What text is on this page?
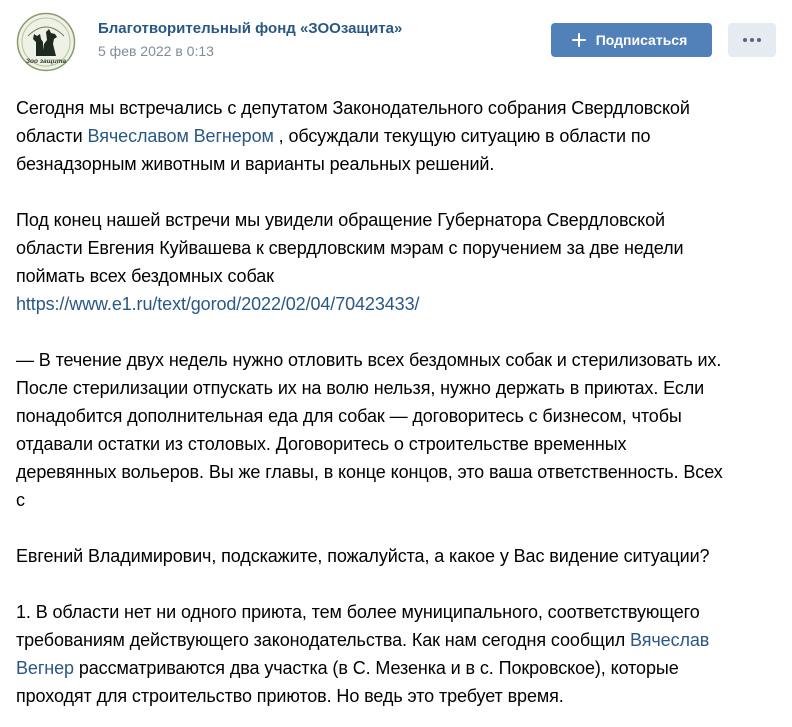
Зоо защита
Благотворительный фонд «ЗООзащита»
5 фев 2022 в 0:13
Подписаться
Сегодня мы встречались с депутатом Законодательного собрания Свердловской
области Вячеславом Вегнером , обсуждали текущую ситуацию в области по
безнадзорным животным и варианты реальных решений.
Под конец нашей встречи мы увидели обращение Губернатора Свердловской
области Евгения Куйвашева к свердловским мэрам с поручением за две недели
поймать всех бездомных собак
https://www.e1.ru/text/gorod/2022/02/04/70423433/
— В течение двух недель нужно отловить всех бездомных собак и стерилизовать их.
После стерилизации отпускать их на волю нельзя, нужно держать в приютах. Если
понадобится дополнительная еда для собак — договоритесь с бизнесом, чтобы
отдавали остатки из столовых. Договоритесь о строительстве временных
деревянных вольеров. Вы же главы, в конце концов, это ваша ответственность. Всех
с
Евгений Владимирович, подскажите, пожалуйста, а какое у Вас видение ситуации?
1. В области нет ни одного приюта, тем более муниципального, соответствующего
требованиям действующего законодательства. Как нам сегодня сообщил Вячеслав
Вегнер рассматриваются два участка (в С. Мезенка и в с. Покровское), которые
проходят для строительство приютов. Но ведь это требует время.
